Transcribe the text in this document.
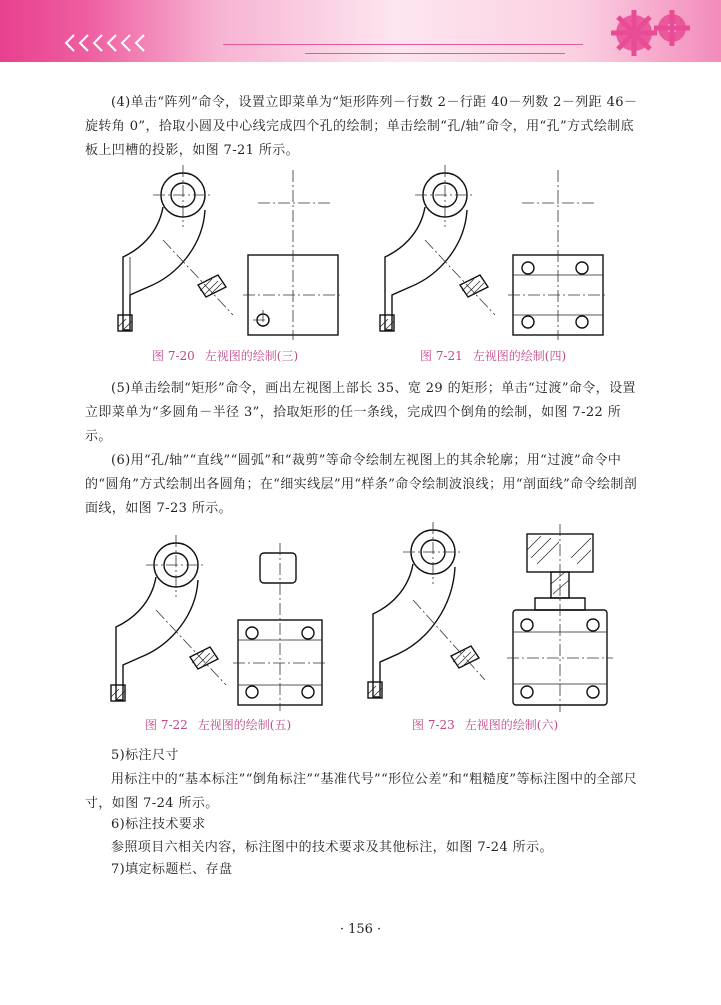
(4)单击“阵列”命令，设置立即菜单为“矩形阵列－行数 2－行距 40－列数 2－列距 46－旋转角 0”，拾取小圆及中心线完成四个孔的绘制；单击绘制“孔/轴”命令，用“孔”方式绘制底板上凹槽的投影，如图 7-21 所示。

图 7-20 左视图的绘制(三)	图 7-21 左视图的绘制(四)

(5)单击绘制“矩形”命令，画出左视图上部长 35、宽 29 的矩形；单击“过渡”命令，设置立即菜单为“多圆角－半径 3”，拾取矩形的任一条线，完成四个倒角的绘制，如图 7-22 所示。

(6)用“孔/轴”“直线”“圆弧”和“裁剪”等命令绘制左视图上的其余轮廓；用“过渡”命令中的“圆角”方式绘制出各圆角；在“细实线层”用“样条”命令绘制波浪线；用“剖面线”命令绘制剖面线，如图 7-23 所示。

图 7-22 左视图的绘制(五)	图 7-23 左视图的绘制(六)

5)标注尺寸

用标注中的“基本标注”“倒角标注”“基准代号”“形位公差”和“粗糙度”等标注图中的全部尺寸，如图 7-24 所示。

6)标注技术要求

参照项目六相关内容，标注图中的技术要求及其他标注，如图 7-24 所示。

7)填定标题栏、存盘

· 156 ·
